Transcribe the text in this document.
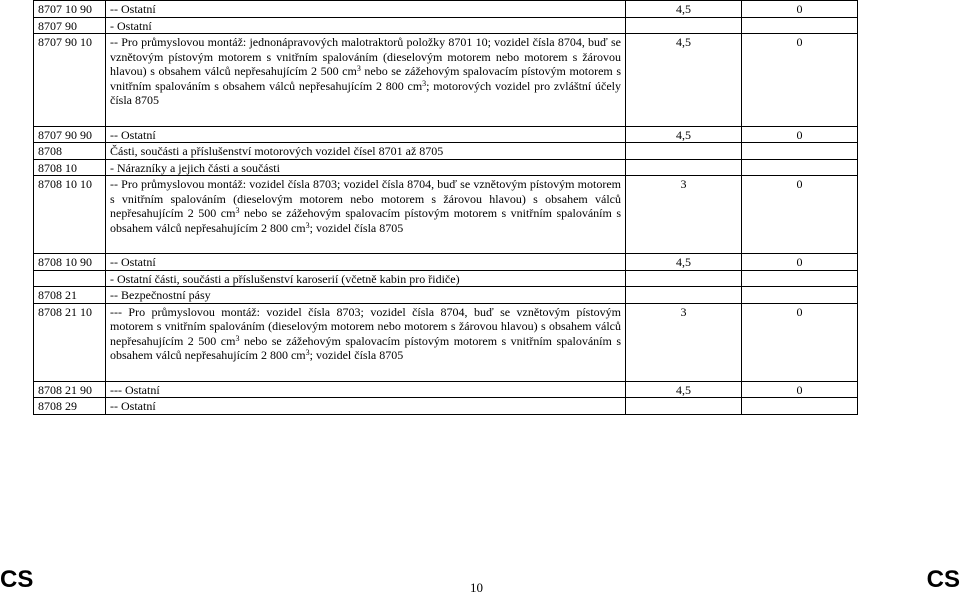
8707 10 90	-- Ostatní	4,5	0
8707 90	- Ostatní		
8707 90 10	-- Pro průmyslovou montáž: jednonápravových malotraktorů položky 8701 10; vozidel čísla 8704, buď se vznětovým pístovým motorem s vnitřním spalováním (dieselovým motorem nebo motorem s žárovou hlavou) s obsahem válců nepřesahujícím 2 500 $cm^3$ nebo se zážehovým spalovacím pístovým motorem s vnitřním spalováním s obsahem válců nepřesahujícím 2 800 $cm^3$; motorových vozidel pro zvláštní účely čísla 8705	4,5	0
8707 90 90	-- Ostatní	4,5	0
8708	Části, součásti a příslušenství motorových vozidel čísel 8701 až 8705		
8708 10	- Nárazníky a jejich části a součásti		
8708 10 10	-- Pro průmyslovou montáž: vozidel čísla 8703; vozidel čísla 8704, buď se vznětovým pístovým motorem s vnitřním spalováním (dieselovým motorem nebo motorem s žárovou hlavou) s obsahem válců nepřesahujícím 2 500 $cm^3$ nebo se zážehovým spalovacím pístovým motorem s vnitřním spalováním s obsahem válců nepřesahujícím 2 800 $cm^3$; vozidel čísla 8705	3	0
8708 10 90	-- Ostatní	4,5	0
	- Ostatní části, součásti a příslušenství karoserií (včetně kabin pro řidiče)		
8708 21	-- Bezpečnostní pásy		
8708 21 10	--- Pro průmyslovou montáž: vozidel čísla 8703; vozidel čísla 8704, buď se vznětovým pístovým motorem s vnitřním spalováním (dieselovým motorem nebo motorem s žárovou hlavou) s obsahem válců nepřesahujícím 2 500 $cm^3$ nebo se zážehovým spalovacím pístovým motorem s vnitřním spalováním s obsahem válců nepřesahujícím 2 800 $cm^3$; vozidel čísla 8705	3	0
8708 21 90	--- Ostatní	4,5	0
8708 29	-- Ostatní		
CS	10	CS
